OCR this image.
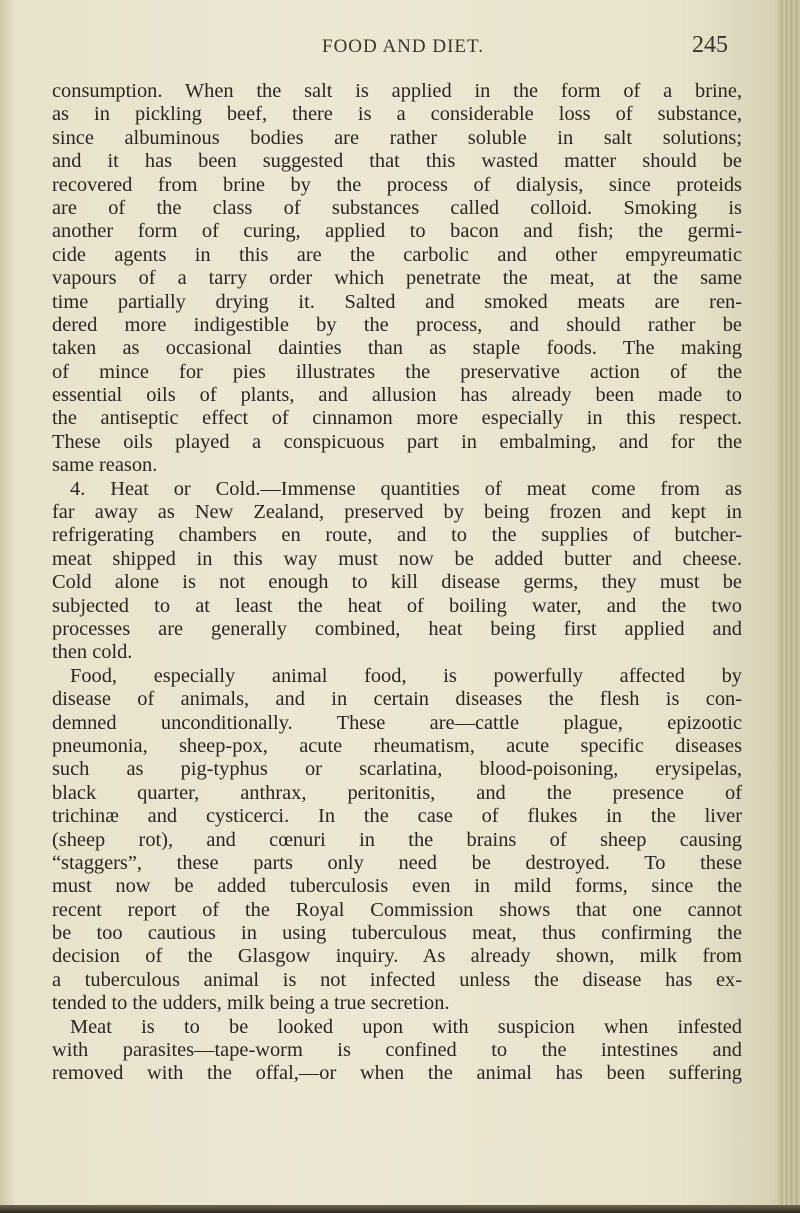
FOOD AND DIET.	245
consumption. When the salt is applied in the form of a brine,
as in pickling beef, there is a considerable loss of substance,
since albuminous bodies are rather soluble in salt solutions;
and it has been suggested that this wasted matter should be
recovered from brine by the process of dialysis, since proteids
are of the class of substances called colloid. Smoking is
another form of curing, applied to bacon and fish; the germi-
cide agents in this are the carbolic and other empyreumatic
vapours of a tarry order which penetrate the meat, at the same
time partially drying it. Salted and smoked meats are ren-
dered more indigestible by the process, and should rather be
taken as occasional dainties than as staple foods. The making
of mince for pies illustrates the preservative action of the
essential oils of plants, and allusion has already been made to
the antiseptic effect of cinnamon more especially in this respect.
These oils played a conspicuous part in embalming, and for the
same reason.
4. Heat or Cold.—Immense quantities of meat come from as
far away as New Zealand, preserved by being frozen and kept in
refrigerating chambers en route, and to the supplies of butcher-
meat shipped in this way must now be added butter and cheese.
Cold alone is not enough to kill disease germs, they must be
subjected to at least the heat of boiling water, and the two
processes are generally combined, heat being first applied and
then cold.
Food, especially animal food, is powerfully affected by
disease of animals, and in certain diseases the flesh is con-
demned unconditionally. These are—cattle plague, epizootic
pneumonia, sheep-pox, acute rheumatism, acute specific diseases
such as pig-typhus or scarlatina, blood-poisoning, erysipelas,
black quarter, anthrax, peritonitis, and the presence of
trichinæ and cysticerci. In the case of flukes in the liver
(sheep rot), and cœnuri in the brains of sheep causing
“staggers”, these parts only need be destroyed. To these
must now be added tuberculosis even in mild forms, since the
recent report of the Royal Commission shows that one cannot
be too cautious in using tuberculous meat, thus confirming the
decision of the Glasgow inquiry. As already shown, milk from
a tuberculous animal is not infected unless the disease has ex-
tended to the udders, milk being a true secretion.
Meat is to be looked upon with suspicion when infested
with parasites—tape-worm is confined to the intestines and
removed with the offal,—or when the animal has been suffering
